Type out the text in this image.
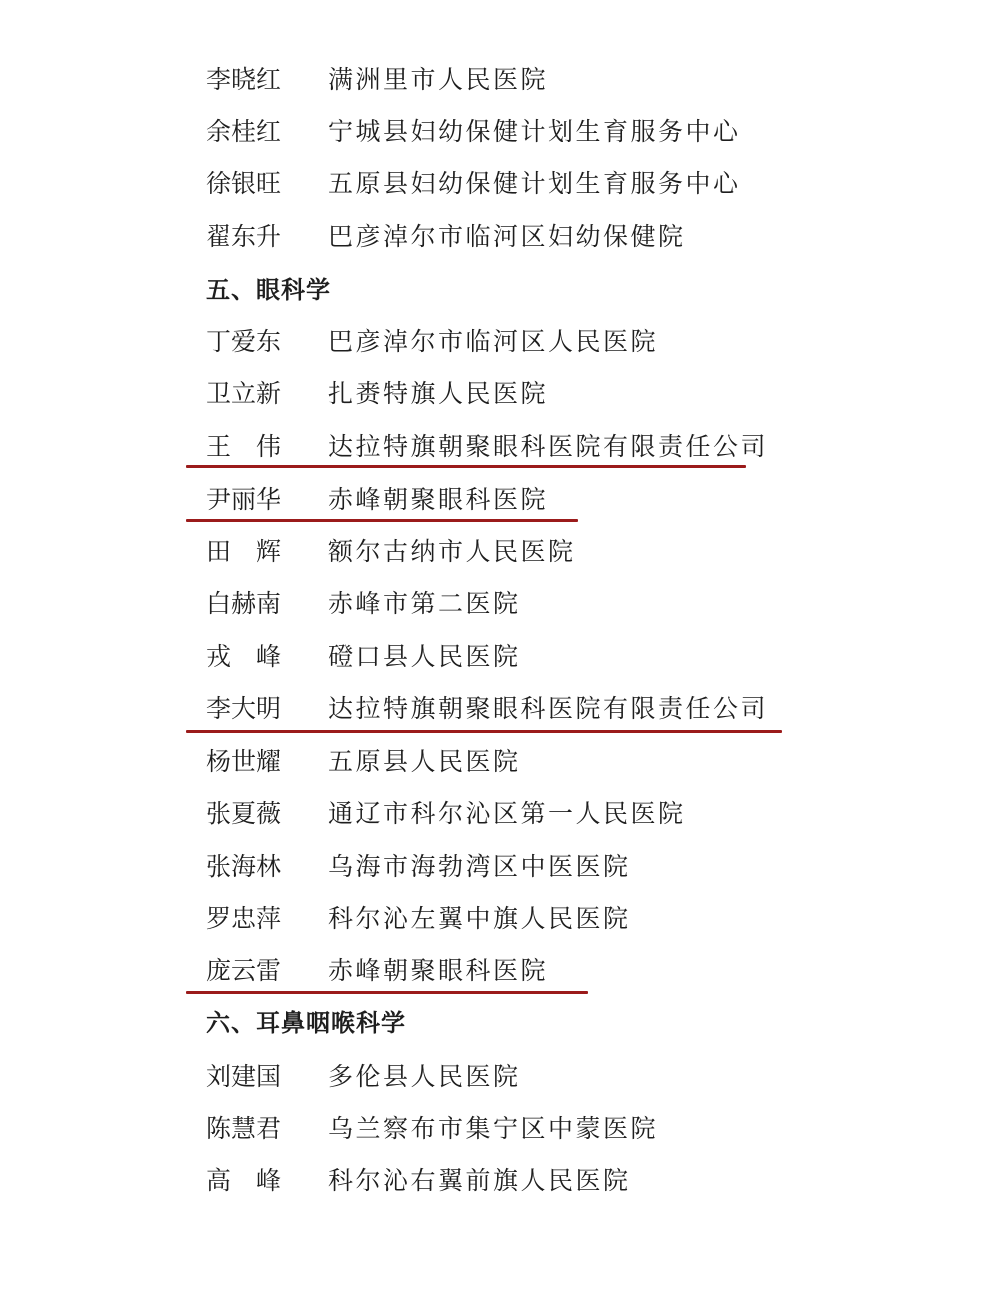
李晓红	满洲里市人民医院
余桂红	宁城县妇幼保健计划生育服务中心
徐银旺	五原县妇幼保健计划生育服务中心
翟东升	巴彦淖尔市临河区妇幼保健院
五、眼科学
丁爱东	巴彦淖尔市临河区人民医院
卫立新	扎赉特旗人民医院
王　伟	达拉特旗朝聚眼科医院有限责任公司
尹丽华	赤峰朝聚眼科医院
田　辉	额尔古纳市人民医院
白赫南	赤峰市第二医院
戎　峰	磴口县人民医院
李大明	达拉特旗朝聚眼科医院有限责任公司
杨世耀	五原县人民医院
张夏薇	通辽市科尔沁区第一人民医院
张海林	乌海市海勃湾区中医医院
罗忠萍	科尔沁左翼中旗人民医院
庞云雷	赤峰朝聚眼科医院
六、耳鼻咽喉科学
刘建国	多伦县人民医院
陈慧君	乌兰察布市集宁区中蒙医院
高　峰	科尔沁右翼前旗人民医院
